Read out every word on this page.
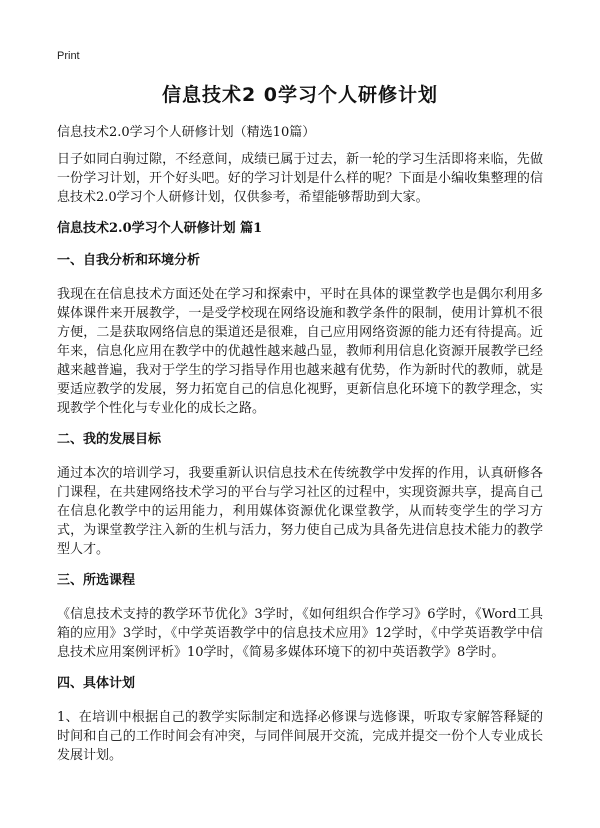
Print
信息技术2 0学习个人研修计划
信息技术2.0学习个人研修计划（精选10篇）

日子如同白驹过隙，不经意间，成绩已属于过去，新一轮的学习生活即将来临，先做一份学习计划，开个好头吧。好的学习计划是什么样的呢？下面是小编收集整理的信息技术2.0学习个人研修计划，仅供参考，希望能够帮助到大家。

信息技术2.0学习个人研修计划 篇1
一、自我分析和环境分析

我现在在信息技术方面还处在学习和探索中，平时在具体的课堂教学也是偶尔利用多媒体课件来开展教学，一是受学校现在网络设施和教学条件的限制，使用计算机不很方便，二是获取网络信息的渠道还是很难，自己应用网络资源的能力还有待提高。近年来，信息化应用在教学中的优越性越来越凸显，教师利用信息化资源开展教学已经越来越普遍，我对于学生的学习指导作用也越来越有优势，作为新时代的教师，就是要适应教学的发展，努力拓宽自己的信息化视野，更新信息化环境下的教学理念，实现教学个性化与专业化的成长之路。

二、我的发展目标

通过本次的培训学习，我要重新认识信息技术在传统教学中发挥的作用，认真研修各门课程，在共建网络技术学习的平台与学习社区的过程中，实现资源共享，提高自己在信息化教学中的运用能力，利用媒体资源优化课堂教学，从而转变学生的学习方式，为课堂教学注入新的生机与活力，努力使自己成为具备先进信息技术能力的教学型人才。

三、所选课程

《信息技术支持的教学环节优化》3学时，《如何组织合作学习》6学时，《Word工具箱的应用》3学时，《中学英语教学中的信息技术应用》12学时，《中学英语教学中信息技术应用案例评析》10学时，《简易多媒体环境下的初中英语教学》8学时。

四、具体计划

1、在培训中根据自己的教学实际制定和选择必修课与选修课，听取专家解答释疑的时间和自己的工作时间会有冲突，与同伴间展开交流，完成并提交一份个人专业成长发展计划。
